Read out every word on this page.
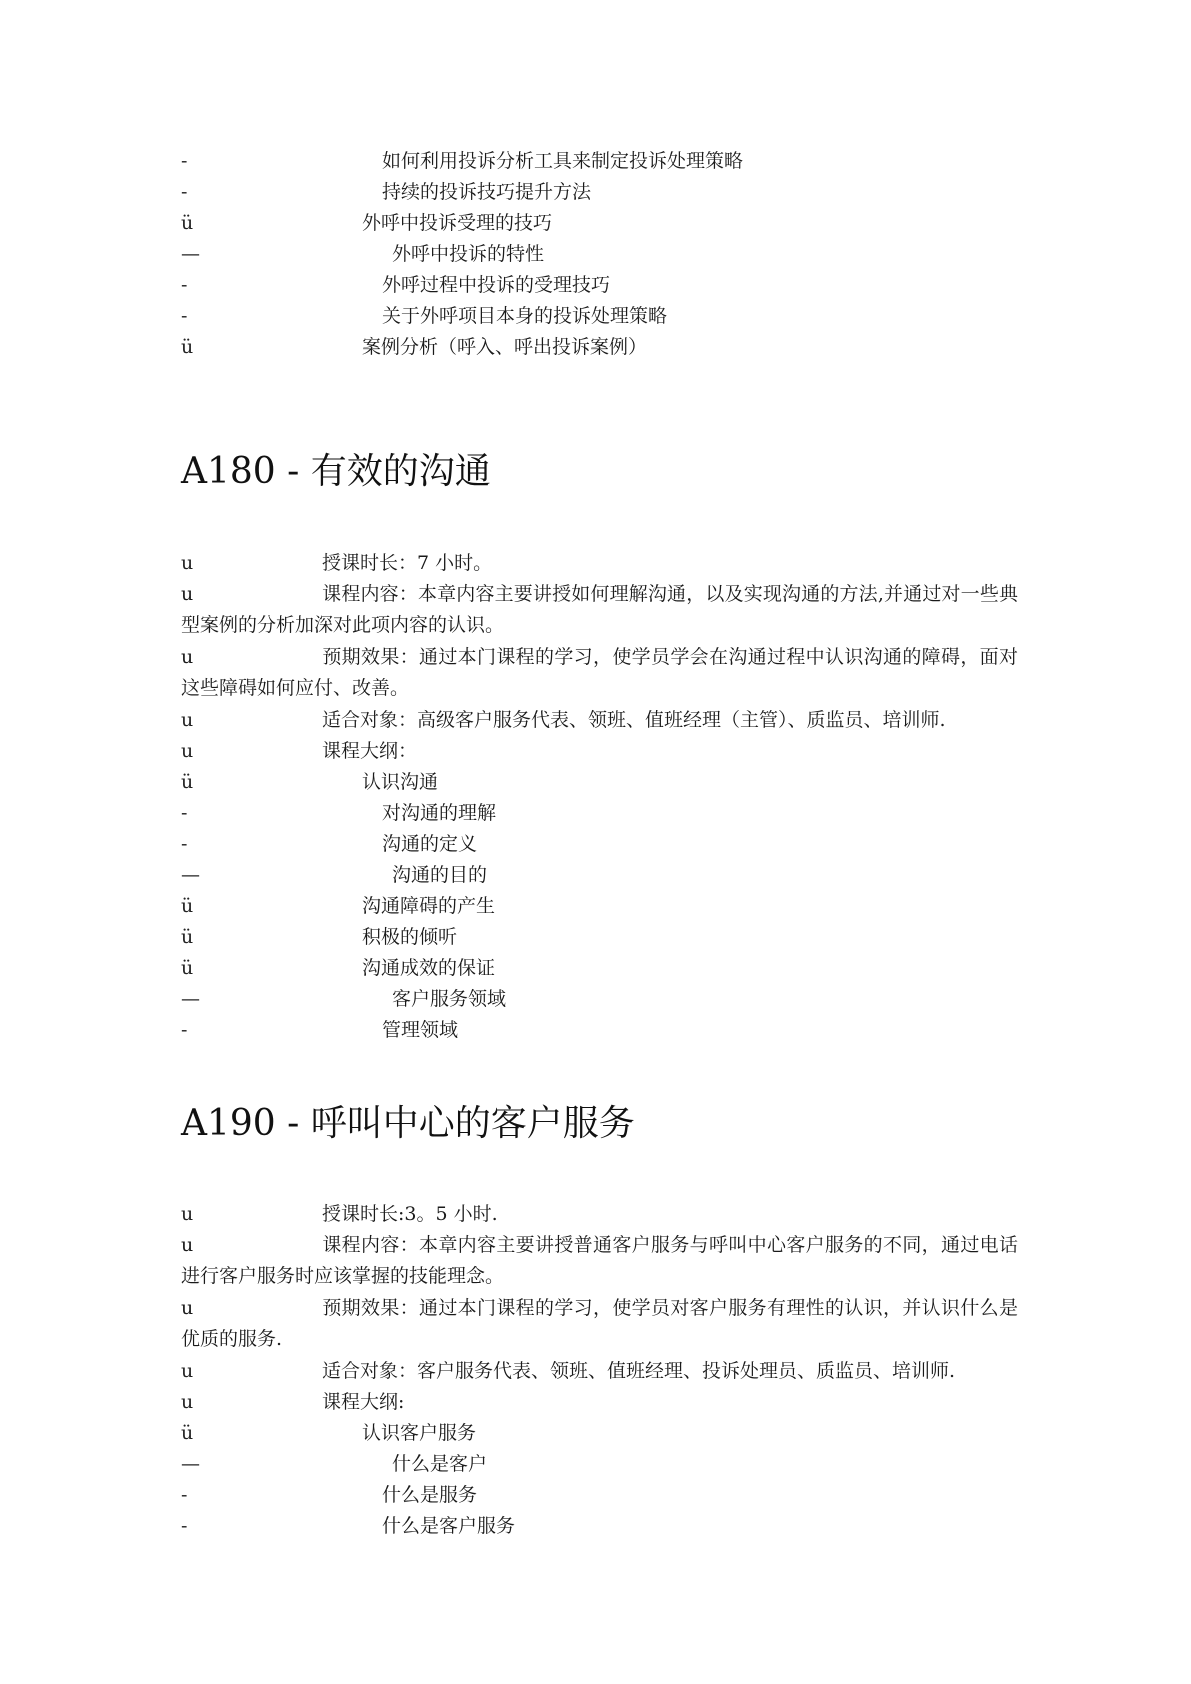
-	如何利用投诉分析工具来制定投诉处理策略
-	持续的投诉技巧提升方法
ü	外呼中投诉受理的技巧
—	外呼中投诉的特性
-	外呼过程中投诉的受理技巧
-	关于外呼项目本身的投诉处理策略
ü	案例分析（呼入、呼出投诉案例）
A180 - 有效的沟通
u	授课时长：7 小时。
u	课程内容：本章内容主要讲授如何理解沟通，以及实现沟通的方法,并通过对一些典型案例的分析加深对此项内容的认识。
u	预期效果：通过本门课程的学习，使学员学会在沟通过程中认识沟通的障碍，面对这些障碍如何应付、改善。
u	适合对象：高级客户服务代表、领班、值班经理（主管）、质监员、培训师.
u	课程大纲：
ü	认识沟通
-	对沟通的理解
-	沟通的定义
—	沟通的目的
ü	沟通障碍的产生
ü	积极的倾听
ü	沟通成效的保证
—	客户服务领域
-	管理领域
A190 - 呼叫中心的客户服务
u	授课时长:3。5 小时.
u	课程内容：本章内容主要讲授普通客户服务与呼叫中心客户服务的不同，通过电话进行客户服务时应该掌握的技能理念。
u	预期效果：通过本门课程的学习，使学员对客户服务有理性的认识，并认识什么是优质的服务.
u	适合对象：客户服务代表、领班、值班经理、投诉处理员、质监员、培训师.
u	课程大纲:
ü	认识客户服务
—	什么是客户
-	什么是服务
-	什么是客户服务
